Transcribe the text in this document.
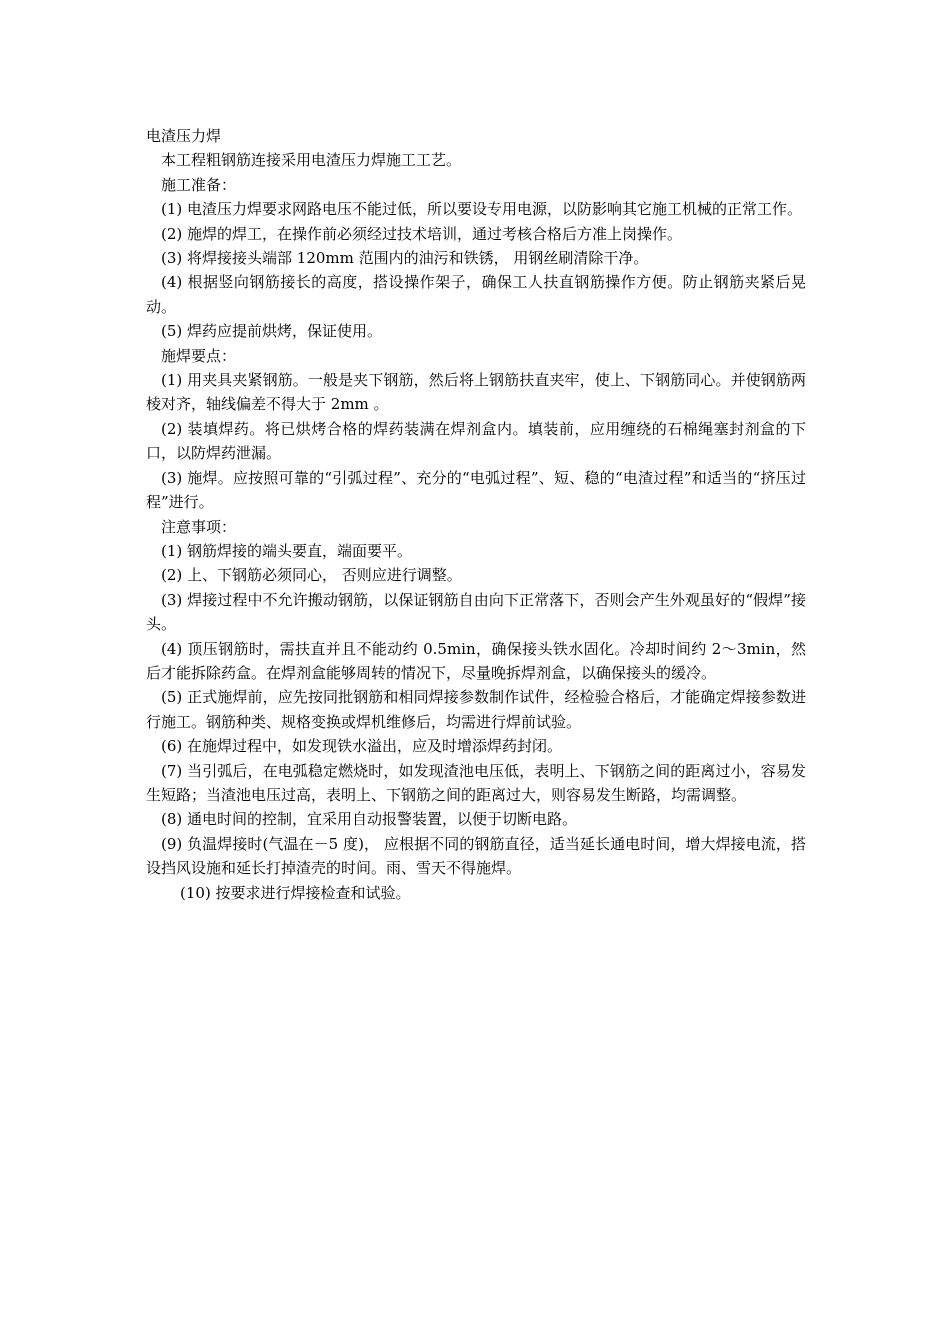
电渣压力焊

本工程粗钢筋连接采用电渣压力焊施工工艺。

施工准备：

(1) 电渣压力焊要求网路电压不能过低，所以要设专用电源，以防影响其它施工机械的正常工作。

(2) 施焊的焊工，在操作前必须经过技术培训，通过考核合格后方准上岗操作。

(3) 将焊接接头端部 120mm 范围内的油污和铁锈， 用钢丝刷清除干净。

(4) 根据竖向钢筋接长的高度，搭设操作架子，确保工人扶直钢筋操作方便。防止钢筋夹紧后晃动。

(5) 焊药应提前烘烤，保证使用。

施焊要点：

(1) 用夹具夹紧钢筋。一般是夹下钢筋，然后将上钢筋扶直夹牢，使上、下钢筋同心。并使钢筋两棱对齐，轴线偏差不得大于 2mm 。

(2) 装填焊药。将已烘烤合格的焊药装满在焊剂盒内。填装前，应用缠绕的石棉绳塞封剂盒的下口，以防焊药泄漏。

(3) 施焊。应按照可靠的“引弧过程”、充分的“电弧过程”、短、稳的“电渣过程”和适当的“挤压过程”进行。

注意事项：

(1) 钢筋焊接的端头要直，端面要平。

(2) 上、下钢筋必须同心， 否则应进行调整。

(3) 焊接过程中不允许搬动钢筋，以保证钢筋自由向下正常落下，否则会产生外观虽好的“假焊”接头。

(4) 顶压钢筋时，需扶直并且不能动约 0.5min，确保接头铁水固化。冷却时间约 2～3min，然后才能拆除药盒。在焊剂盒能够周转的情况下，尽量晚拆焊剂盒，以确保接头的缓冷。

(5) 正式施焊前，应先按同批钢筋和相同焊接参数制作试件，经检验合格后，才能确定焊接参数进行施工。钢筋种类、规格变换或焊机维修后，均需进行焊前试验。

(6) 在施焊过程中，如发现铁水溢出，应及时增添焊药封闭。

(7) 当引弧后，在电弧稳定燃烧时，如发现渣池电压低，表明上、下钢筋之间的距离过小，容易发生短路；当渣池电压过高，表明上、下钢筋之间的距离过大，则容易发生断路，均需调整。

(8) 通电时间的控制，宜采用自动报警装置，以便于切断电路。

(9) 负温焊接时(气温在－5 度)， 应根据不同的钢筋直径，适当延长通电时间，增大焊接电流，搭设挡风设施和延长打掉渣壳的时间。雨、雪天不得施焊。

(10) 按要求进行焊接检查和试验。
